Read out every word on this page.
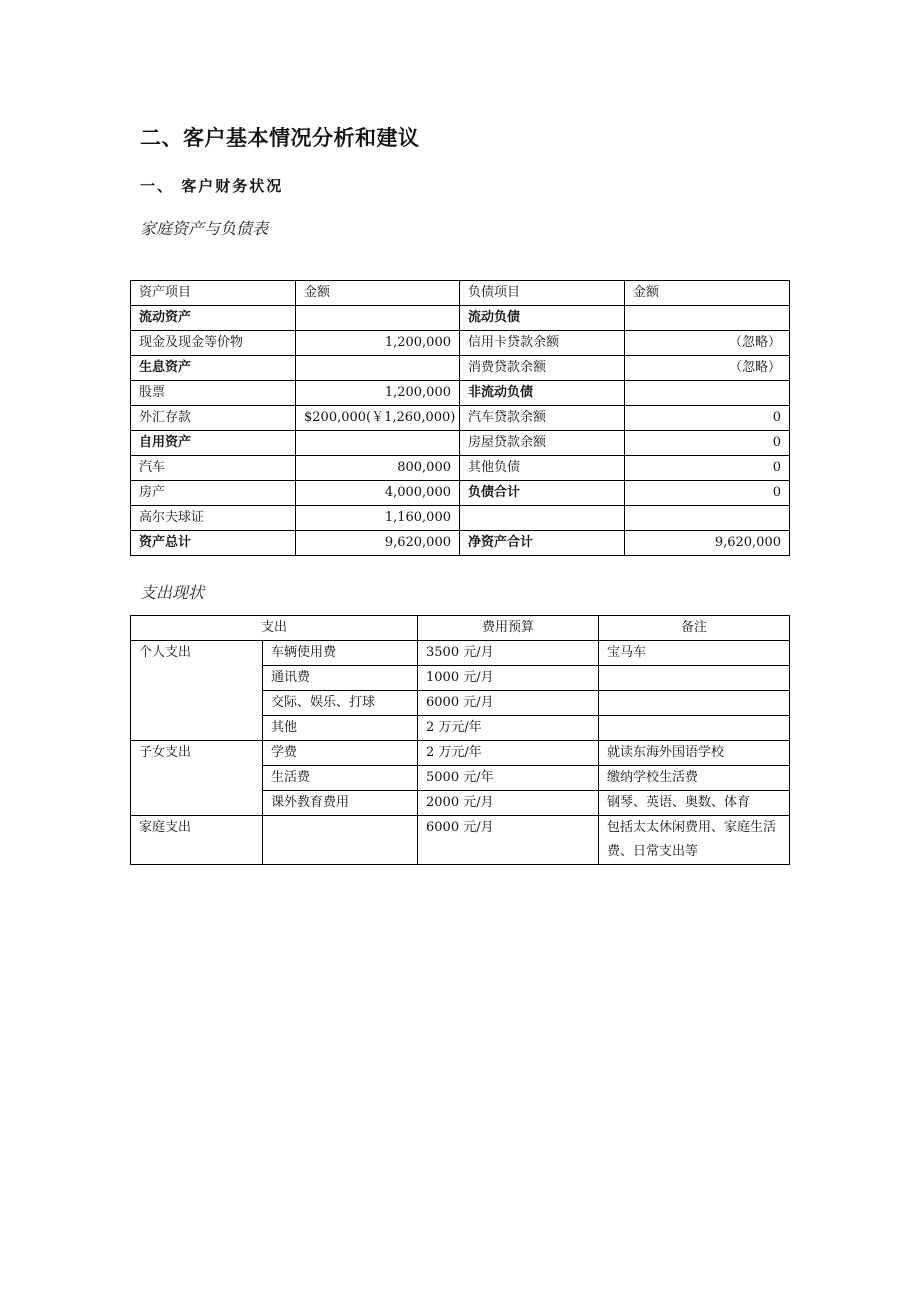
二、客户基本情况分析和建议
一、 客户财务状况
家庭资产与负债表
资产项目	金额	负债项目	金额
流动资产		流动负债	
现金及现金等价物	1,200,000	信用卡贷款余额	（忽略）
生息资产		消费贷款余额	（忽略）
股票	1,200,000	非流动负债	
外汇存款	$200,000(￥1,260,000)	汽车贷款余额	0
自用资产		房屋贷款余额	0
汽车	800,000	其他负债	0
房产	4,000,000	负债合计	0
高尔夫球证	1,160,000		
资产总计	9,620,000	净资产合计	9,620,000
支出现状
支出		费用预算	备注
个人支出	车辆使用费	3500 元/月	宝马车
	通讯费	1000 元/月	
	交际、娱乐、打球	6000 元/月	
	其他	2 万元/年	
子女支出	学费	2 万元/年	就读东海外国语学校
	生活费	5000 元/年	缴纳学校生活费
	课外教育费用	2000 元/月	钢琴、英语、奥数、体育
家庭支出		6000 元/月	包括太太休闲费用、家庭生活费、日常支出等
